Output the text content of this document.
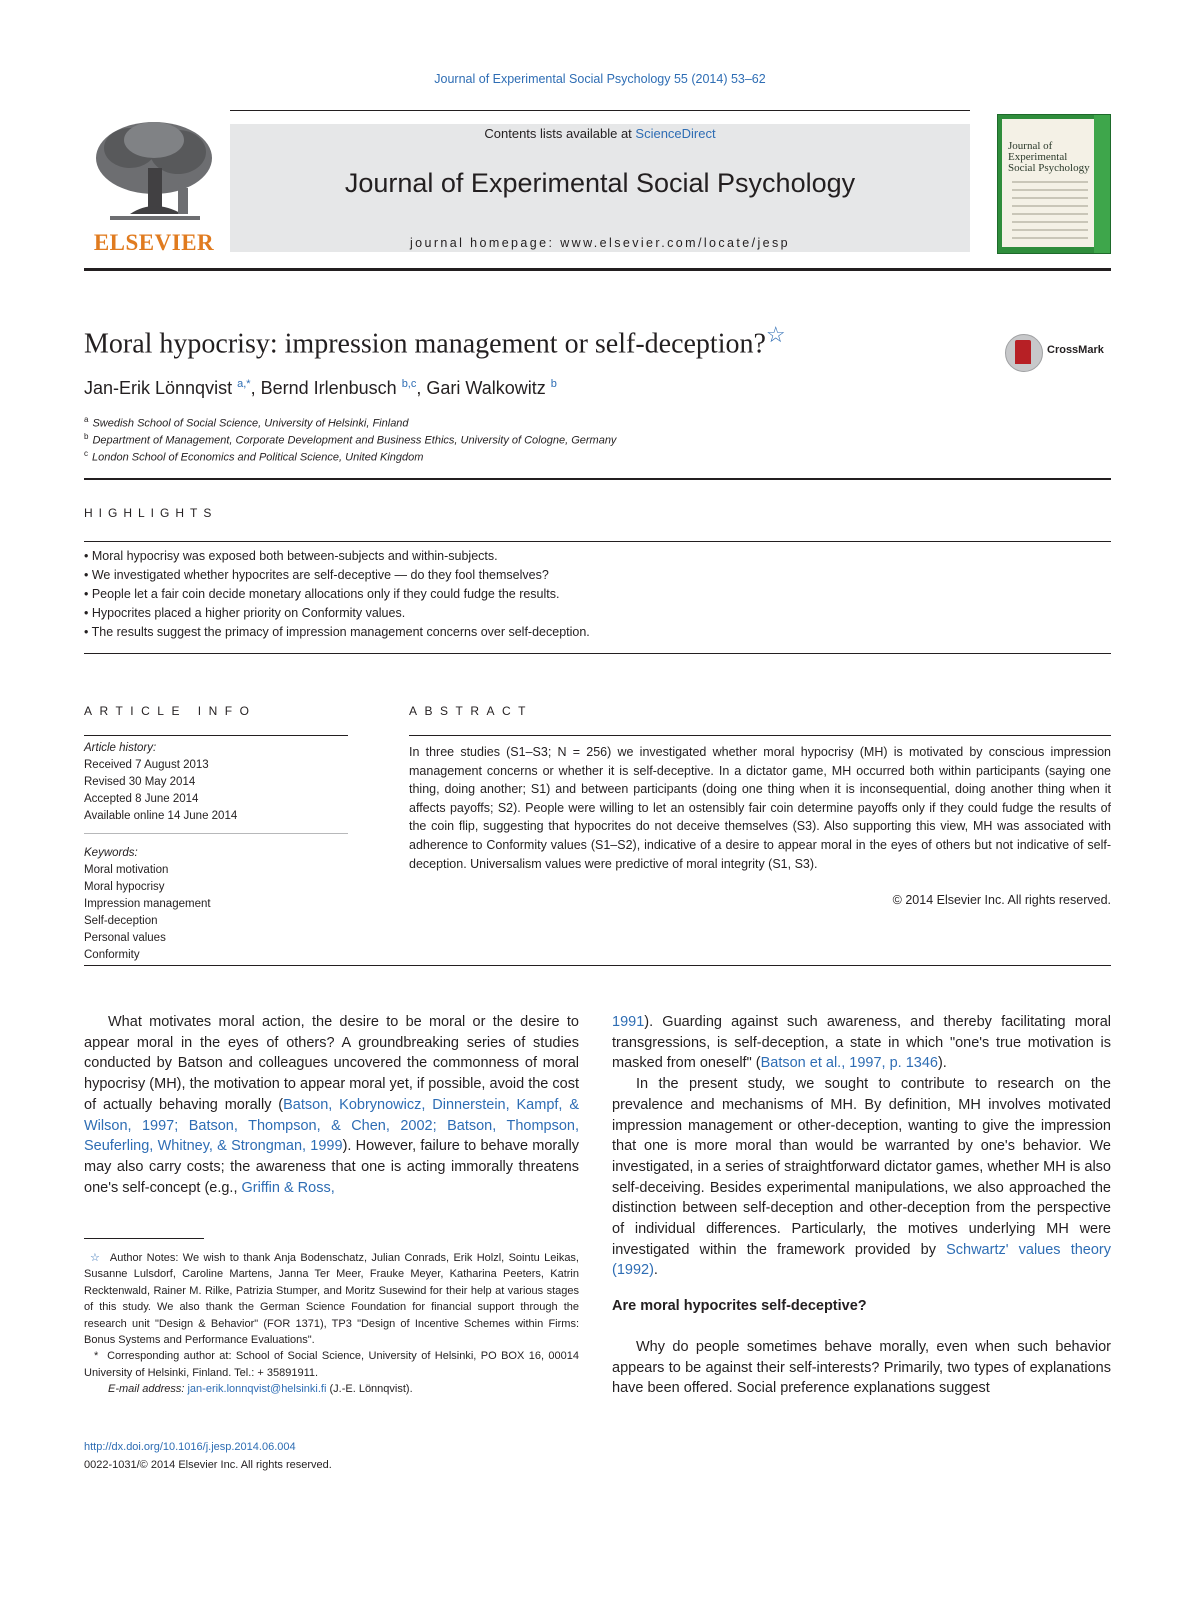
Journal of Experimental Social Psychology 55 (2014) 53–62
ELSEVIER
Contents lists available at ScienceDirect
Journal of Experimental Social Psychology
journal homepage: www.elsevier.com/locate/jesp
Journal of Experimental Social Psychology
Moral hypocrisy: impression management or self-deception?☆
CrossMark
Jan-Erik Lönnqvist $^{a,*}$, Bernd Irlenbusch $^{b,c}$, Gari Walkowitz $^b$
$^a$ Swedish School of Social Science, University of Helsinki, Finland
$^b$ Department of Management, Corporate Development and Business Ethics, University of Cologne, Germany
$^c$ London School of Economics and Political Science, United Kingdom
HIGHLIGHTS
• Moral hypocrisy was exposed both between-subjects and within-subjects.
• We investigated whether hypocrites are self-deceptive — do they fool themselves?
• People let a fair coin decide monetary allocations only if they could fudge the results.
• Hypocrites placed a higher priority on Conformity values.
• The results suggest the primacy of impression management concerns over self-deception.
ARTICLE INFO
Article history:
Received 7 August 2013
Revised 30 May 2014
Accepted 8 June 2014
Available online 14 June 2014
Keywords:
Moral motivation
Moral hypocrisy
Impression management
Self-deception
Personal values
Conformity
ABSTRACT
In three studies (S1–S3; N = 256) we investigated whether moral hypocrisy (MH) is motivated by conscious impression management concerns or whether it is self-deceptive. In a dictator game, MH occurred both within participants (saying one thing, doing another; S1) and between participants (doing one thing when it is inconsequential, doing another thing when it affects payoffs; S2). People were willing to let an ostensibly fair coin determine payoffs only if they could fudge the results of the coin flip, suggesting that hypocrites do not deceive themselves (S3). Also supporting this view, MH was associated with adherence to Conformity values (S1–S2), indicative of a desire to appear moral in the eyes of others but not indicative of self-deception. Universalism values were predictive of moral integrity (S1, S3).
© 2014 Elsevier Inc. All rights reserved.

What motivates moral action, the desire to be moral or the desire to appear moral in the eyes of others? A groundbreaking series of studies conducted by Batson and colleagues uncovered the commonness of moral hypocrisy (MH), the motivation to appear moral yet, if possible, avoid the cost of actually behaving morally (Batson, Kobrynowicz, Dinnerstein, Kampf, & Wilson, 1997; Batson, Thompson, & Chen, 2002; Batson, Thompson, Seuferling, Whitney, & Strongman, 1999). However, failure to behave morally may also carry costs; the awareness that one is acting immorally threatens one's self-concept (e.g., Griffin & Ross,

☆ Author Notes: We wish to thank Anja Bodenschatz, Julian Conrads, Erik Holzl, Sointu Leikas, Susanne Lulsdorf, Caroline Martens, Janna Ter Meer, Frauke Meyer, Katharina Peeters, Katrin Recktenwald, Rainer M. Rilke, Patrizia Stumper, and Moritz Susewind for their help at various stages of this study. We also thank the German Science Foundation for financial support through the research unit "Design & Behavior" (FOR 1371), TP3 "Design of Incentive Schemes within Firms: Bonus Systems and Performance Evaluations".
* Corresponding author at: School of Social Science, University of Helsinki, PO BOX 16, 00014 University of Helsinki, Finland. Tel.: + 35891911.
E-mail address: jan-erik.lonnqvist@helsinki.fi (J.-E. Lönnqvist).
http://dx.doi.org/10.1016/j.jesp.2014.06.004
0022-1031/© 2014 Elsevier Inc. All rights reserved.

1991). Guarding against such awareness, and thereby facilitating moral transgressions, is self-deception, a state in which "one's true motivation is masked from oneself" (Batson et al., 1997, p. 1346).

In the present study, we sought to contribute to research on the prevalence and mechanisms of MH. By definition, MH involves motivated impression management or other-deception, wanting to give the impression that one is more moral than would be warranted by one's behavior. We investigated, in a series of straightforward dictator games, whether MH is also self-deceiving. Besides experimental manipulations, we also approached the distinction between self-deception and other-deception from the perspective of individual differences. Particularly, the motives underlying MH were investigated within the framework provided by Schwartz' values theory (1992).

Are moral hypocrites self-deceptive?

Why do people sometimes behave morally, even when such behavior appears to be against their self-interests? Primarily, two types of explanations have been offered. Social preference explanations suggest
